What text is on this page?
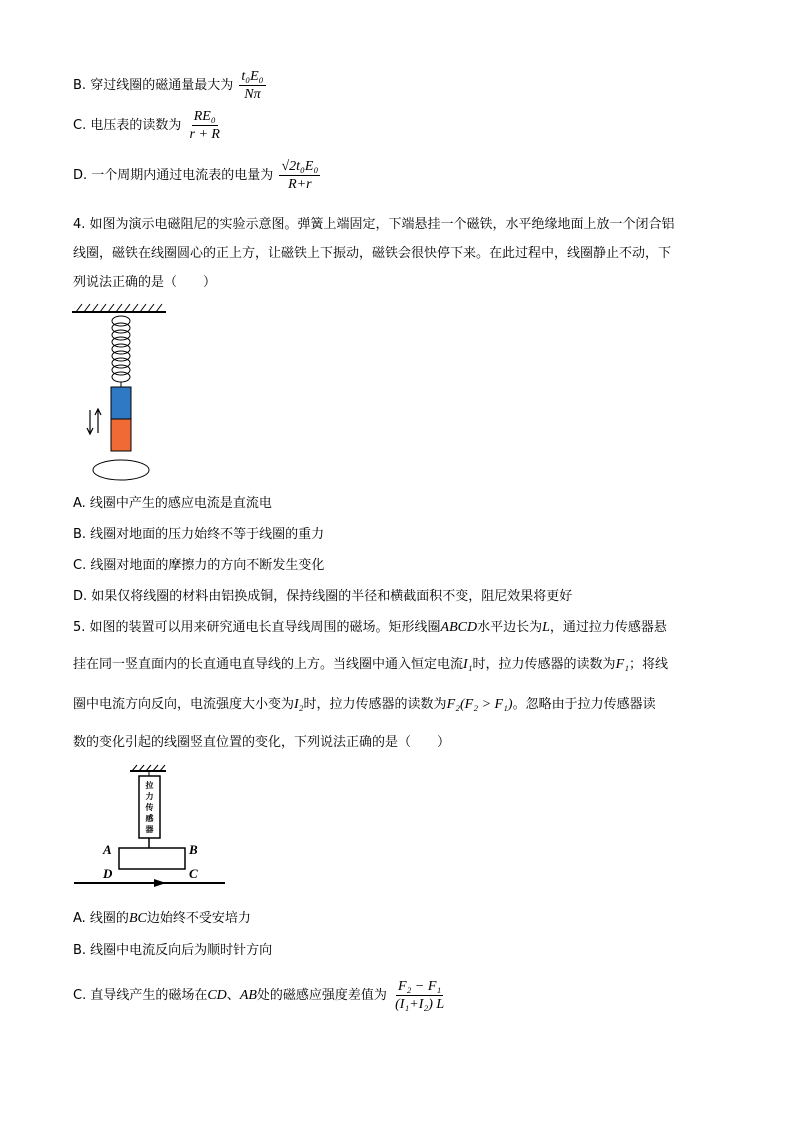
B. 穿过线圈的磁通量最大为 $\frac{\text{t₀E₀}}{N\pi}$
C. 电压表的读数为 $\frac{\text{RE₀}}{r + R}$
D. 一个周期内通过电流表的电量为 $\frac{\text{√2t₀E₀}}{R+r}$
4. 如图为演示电磁阻尼的实验示意图。弹簧上端固定，下端悬挂一个磁铁，水平绝缘地面上放一个闭合铝
线圈，磁铁在线圈圆心的正上方，让磁铁上下振动，磁铁会很快停下来。在此过程中，线圈静止不动，下
列说法正确的是（　　）
A. 线圈中产生的感应电流是直流电
B. 线圈对地面的压力始终不等于线圈的重力
C. 线圈对地面的摩擦力的方向不断发生变化
D. 如果仅将线圈的材料由铝换成铜，保持线圈的半径和横截面积不变，阻尼效果将更好
5. 如图的装置可以用来研究通电长直导线周围的磁场。矩形线圈ABCD水平边长为L，通过拉力传感器悬
挂在同一竖直面内的长直通电直导线的上方。当线圈中通入恒定电流I₁时，拉力传感器的读数为F₁；将线
圈中电流方向反向，电流强度大小变为I₂时，拉力传感器的读数为F₂(F₂ > F₁)。忽略由于拉力传感器读
数的变化引起的线圈竖直位置的变化，下列说法正确的是（　　）
拉
力
传
感
器
A	B
D	C
A. 线圈的BC边始终不受安培力
B. 线圈中电流反向后为顺时针方向
C. 直导线产生的磁场在CD、AB处的磁感应强度差值为 $\frac{\text{F₂ − F₁}}{\text{(I₁+I₂) L}}$
